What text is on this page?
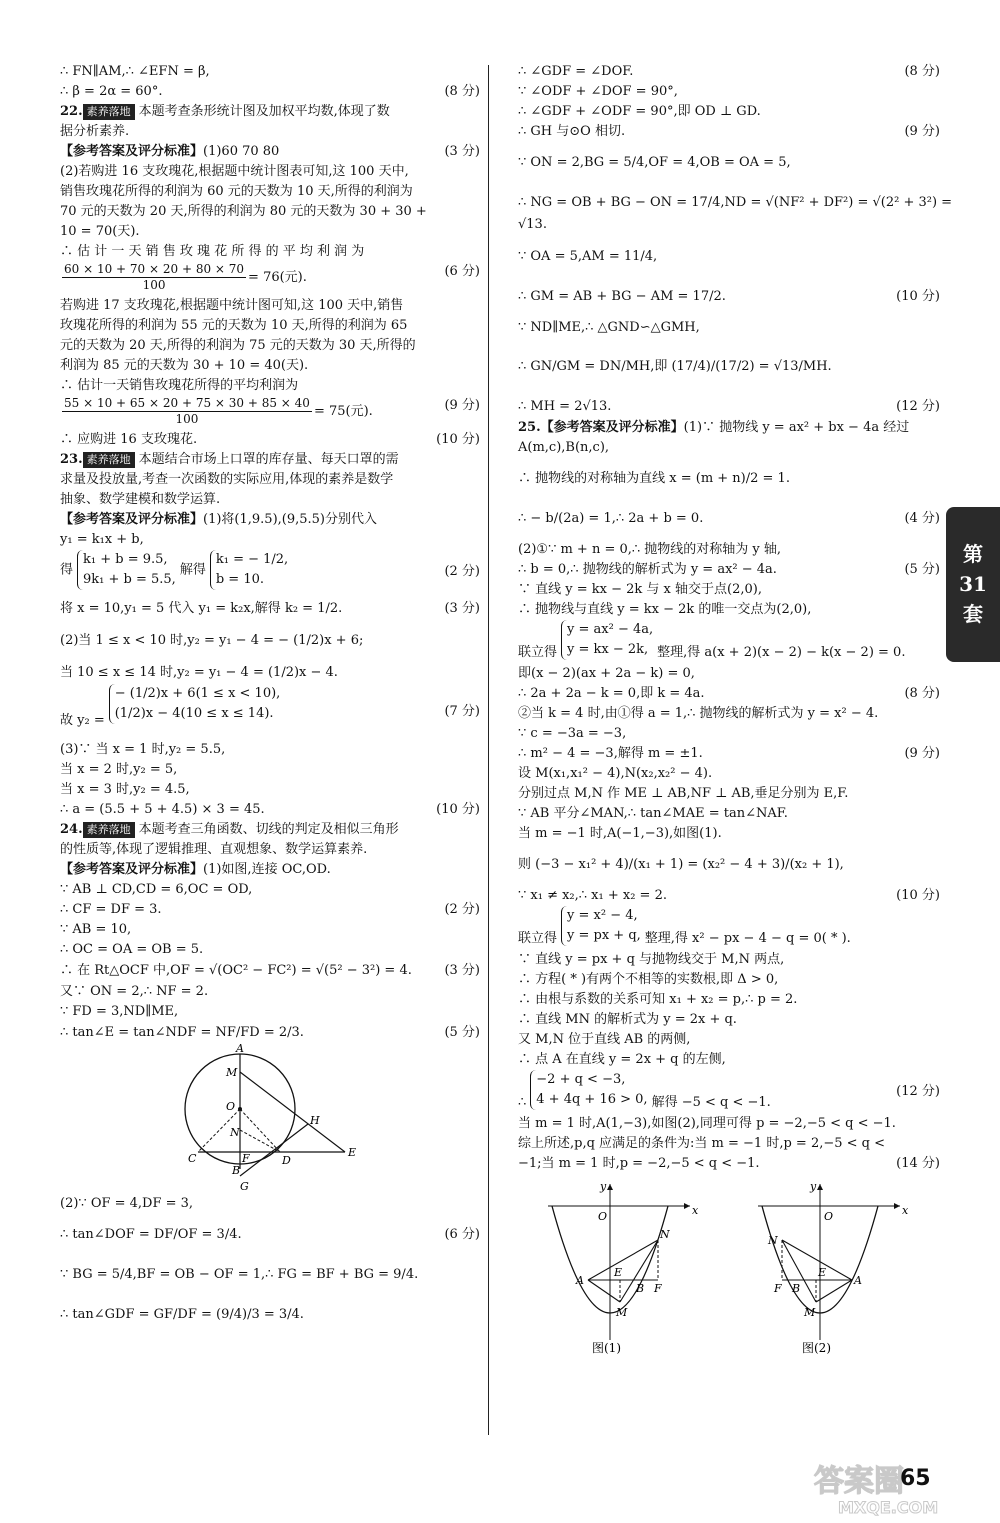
∴ FN∥AM,∴ ∠EFN = β,
∴ β = 2α = 60°.	(8 分)
22. 素养落地 本题考查条形统计图及加权平均数,体现了数
据分析素养.
【参考答案及评分标准】(1)60 70 80	(3 分)
(2)若购进 16 支玫瑰花,根据题中统计图表可知,这 100 天中,
销售玫瑰花所得的利润为 60 元的天数为 10 天,所得的利润为
70 元的天数为 20 天,所得的利润为 80 元的天数为 30 + 30 +
10 = 70(天).
∴ 估 计 一 天 销 售 玫 瑰 花 所 得 的 平 均 利 润 为
$\frac{60 \times 10 + 70 \times 20 + 80 \times 70}{100} = 76$(元).	(6 分)
若购进 17 支玫瑰花,根据题中统计图可知,这 100 天中,销售
玫瑰花所得的利润为 55 元的天数为 10 天,所得的利润为 65
元的天数为 20 天,所得的利润为 75 元的天数为 30 天,所得的
利润为 85 元的天数为 30 + 10 = 40(天).
∴ 估计一天销售玫瑰花所得的平均利润为
$\frac{55 \times 10 + 65 \times 20 + 75 \times 30 + 85 \times 40}{100} = 75$(元).	(9 分)
∴ 应购进 16 支玫瑰花.	(10 分)
23. 素养落地 本题结合市场上口罩的库存量、每天口罩的需
求量及投放量,考查一次函数的实际应用,体现的素养是数学
抽象、数学建模和数学运算.
【参考答案及评分标准】(1)将(1,9.5),(9,5.5)分别代入
y₁ = k₁x + b,
得
k₁ + b = 9.5,
9k₁ + b = 5.5,
解得
k₁ = − 1/2,
b = 10.
(2 分)
将 x = 10,y₁ = 5 代入 y₁ = k₂x,解得 k₂ = 1/2.	(3 分)
(2)当 1 ≤ x < 10 时,y₂ = y₁ − 4 = − (1/2)x + 6;
当 10 ≤ x ≤ 14 时,y₂ = y₁ − 4 = (1/2)x − 4.
故 y₂ =
− (1/2)x + 6(1 ≤ x < 10),
(1/2)x − 4(10 ≤ x ≤ 14).	(7 分)
(3)∵ 当 x = 1 时,y₂ = 5.5,
当 x = 2 时,y₂ = 5,
当 x = 3 时,y₂ = 4.5,
∴ a = (5.5 + 5 + 4.5) × 3 = 45.	(10 分)
24. 素养落地 本题考查三角函数、切线的判定及相似三角形
的性质等,体现了逻辑推理、直观想象、数学运算素养.
【参考答案及评分标准】(1)如图,连接 OC,OD.
∵ AB ⊥ CD,CD = 6,OC = OD,
∴ CF = DF = 3.	(2 分)
∵ AB = 10,
∴ OC = OA = OB = 5.
∴ 在 Rt△OCF 中,OF = √(OC² − FC²) = √(5² − 3²) = 4.	(3 分)
又∵ ON = 2,∴ NF = 2.
∵ FD = 3,ND∥ME,
∴ tan∠E = tan∠NDF = NF/FD = 2/3.	(5 分)
A
M
O
N
H
C	F	D
E
B
G
(2)∵ OF = 4,DF = 3,
∴ tan∠DOF = DF/OF = 3/4.	(6 分)
∵ BG = 5/4,BF = OB − OF = 1,∴ FG = BF + BG = 9/4.
∴ tan∠GDF = GF/DF = (9/4)/3 = 3/4.
∴ ∠GDF = ∠DOF.	(8 分)
∵ ∠ODF + ∠DOF = 90°,
∴ ∠GDF + ∠ODF = 90°,即 OD ⊥ GD.
∴ GH 与⊙O 相切.	(9 分)
∵ ON = 2,BG = 5/4,OF = 4,OB = OA = 5,
∴ NG = OB + BG − ON = 17/4,ND = √(NF² + DF²) = √(2² + 3²) =
√13.
∵ OA = 5,AM = 11/4,
∴ GM = AB + BG − AM = 17/2.	(10 分)
∵ ND∥ME,∴ △GND∽△GMH,
∴ GN/GM = DN/MH,即 (17/4)/(17/2) = √13/MH.
∴ MH = 2√13.	(12 分)
25.【参考答案及评分标准】(1)∵ 抛物线 y = ax² + bx − 4a 经过
A(m,c),B(n,c),
∴ 抛物线的对称轴为直线 x = (m + n)/2 = 1.
∴ − b/(2a) = 1,∴ 2a + b = 0.	(4 分)
(2)①∵ m + n = 0,∴ 抛物线的对称轴为 y 轴,
∴ b = 0,∴ 抛物线的解析式为 y = ax² − 4a.	(5 分)
∵ 直线 y = kx − 2k 与 x 轴交于点(2,0),
∴ 抛物线与直线 y = kx − 2k 的唯一交点为(2,0),
联立得
y = ax² − 4a,
y = kx − 2k, 整理,得 a(x + 2)(x − 2) − k(x − 2) = 0.
即(x − 2)(ax + 2a − k) = 0,
∴ 2a + 2a − k = 0,即 k = 4a.	(8 分)
②当 k = 4 时,由①得 a = 1,∴ 抛物线的解析式为 y = x² − 4.
∵ c = −3a = −3,
∴ m² − 4 = −3,解得 m = ±1.	(9 分)
设 M(x₁,x₁² − 4),N(x₂,x₂² − 4).
分别过点 M,N 作 ME ⊥ AB,NF ⊥ AB,垂足分别为 E,F.
∵ AB 平分∠MAN,∴ tan∠MAE = tan∠NAF.
当 m = −1 时,A(−1,−3),如图(1).
则 (−3 − x₁² + 4)/(x₁ + 1) = (x₂² − 4 + 3)/(x₂ + 1),
∵ x₁ ≠ x₂,∴ x₁ + x₂ = 2.	(10 分)
联立得
y = x² − 4,
y = px + q, 整理,得 x² − px − 4 − q = 0( * ).
∵ 直线 y = px + q 与抛物线交于 M,N 两点,
∴ 方程( * )有两个不相等的实数根,即 Δ > 0,
∴ 由根与系数的关系可知 x₁ + x₂ = p,∴ p = 2.
∴ 直线 MN 的解析式为 y = 2x + q.
又 M,N 位于直线 AB 的两侧,
∴ 点 A 在直线 y = 2x + q 的左侧,
∴
−2 + q < −3,
4 + 4q + 16 > 0, 解得 −5 < q < −1.
(12 分)
当 m = 1 时,A(1,−3),如图(2),同理可得 p = −2,−5 < q < −1.
综上所述,p,q 应满足的条件为:当 m = −1 时,p = 2,−5 < q <
−1;当 m = 1 时,p = −2,−5 < q < −1.	(14 分)
y
x
O
N
A
E
B F
M
图(1)
y
x
O
N
A
E
B
F
M
图(2)
第
31
套
答案圈
MXQE.COM
65
